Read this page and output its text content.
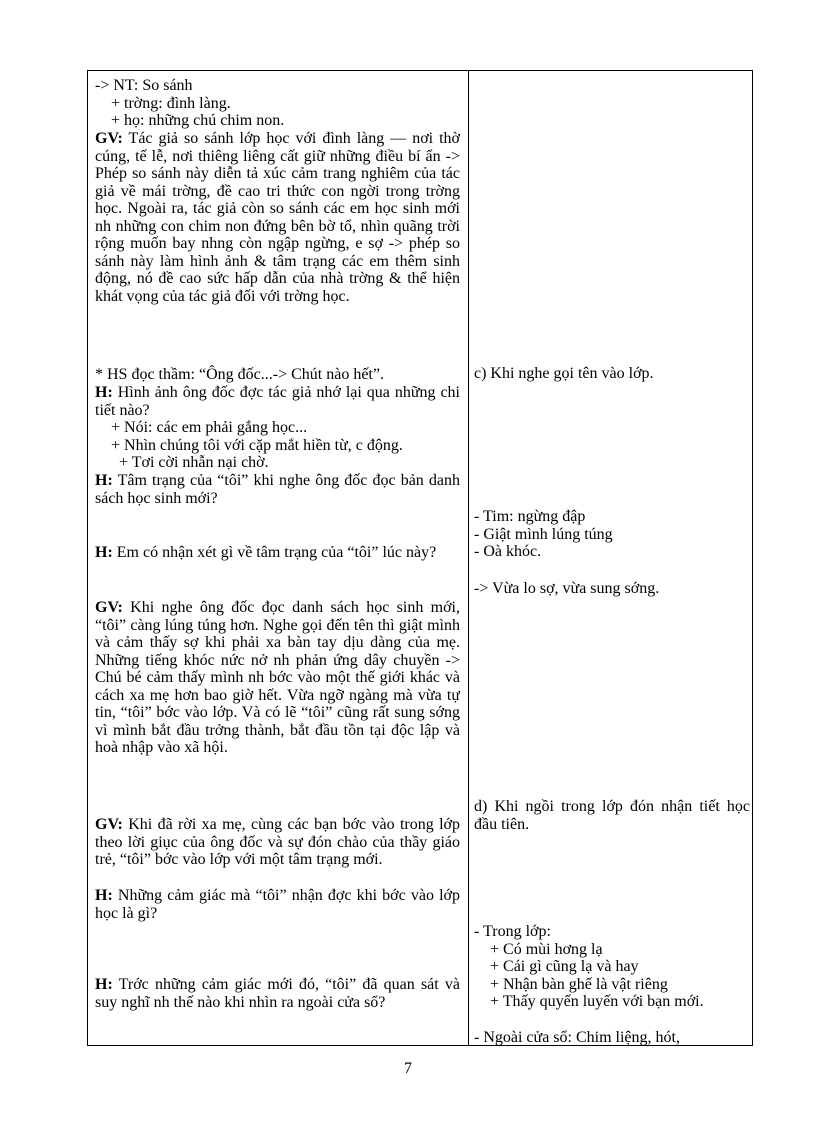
-> NT: So sánh
+ trờng: đình làng.
+ họ: những chú chim non.
GV: Tác giả so sánh lớp học với đình làng — nơi thờ cúng, tế lễ, nơi thiêng liêng cất giữ những điều bí ẩn -> Phép so sánh này diễn tả xúc cảm trang nghiêm của tác giả về mái trờng, đề cao tri thức con ngời trong trờng học. Ngoài ra, tác giả còn so sánh các em học sinh mới nh những con chim non đứng bên bờ tổ, nhìn quãng trời rộng muốn bay nhng còn ngập ngừng, e sợ -> phép so sánh này làm hình ảnh & tâm trạng các em thêm sinh động, nó đề cao sức hấp dẫn của nhà trờng & thể hiện khát vọng của tác giả đối với trờng học.
* HS đọc thầm: “Ông đốc...-> Chút nào hết”.
H: Hình ảnh ông đốc đợc tác giả nhớ lại qua những chi tiết nào?
+ Nói: các em phải gắng học...
+ Nhìn chúng tôi với cặp mắt hiền từ, c động.
+ Tơi cời nhẫn nại chờ.
H: Tâm trạng của “tôi” khi nghe ông đốc đọc bản danh sách học sinh mới?
H: Em có nhận xét gì về tâm trạng của “tôi” lúc này?
GV: Khi nghe ông đốc đọc danh sách học sinh mới, “tôi” càng lúng túng hơn. Nghe gọi đến tên thì giật mình và cảm thấy sợ khi phải xa bàn tay dịu dàng của mẹ. Những tiếng khóc nức nở nh phản ứng dây chuyền -> Chú bé cảm thấy mình nh bớc vào một thế giới khác và cách xa mẹ hơn bao giờ hết. Vừa ngỡ ngàng mà vừa tự tin, “tôi” bớc vào lớp. Và có lẽ “tôi” cũng rất sung sớng vì mình bắt đầu trởng thành, bắt đầu tồn tại độc lập và hoà nhập vào xã hội.
GV: Khi đã rời xa mẹ, cùng các bạn bớc vào trong lớp theo lời giục của ông đốc và sự đón chào của thầy giáo trẻ, “tôi” bớc vào lớp với một tâm trạng mới.
H: Những cảm giác mà “tôi” nhận đợc khi bớc vào lớp học là gì?
H: Trớc những cảm giác mới đó, “tôi” đã quan sát và suy nghĩ nh thế nào khi nhìn ra ngoài cửa sổ?
c) Khi nghe gọi tên vào lớp.
- Tim: ngừng đập
- Giật mình lúng túng
- Oà khóc.
-> Vừa lo sợ, vừa sung sớng.
d) Khi ngồi trong lớp đón nhận tiết học đầu tiên.
- Trong lớp:
+ Có mùi hơng lạ
+ Cái gì cũng lạ và hay
+ Nhận bàn ghế là vật riêng
+ Thấy quyến luyến với bạn mới.
- Ngoài cửa sổ: Chim liệng, hót,
7
